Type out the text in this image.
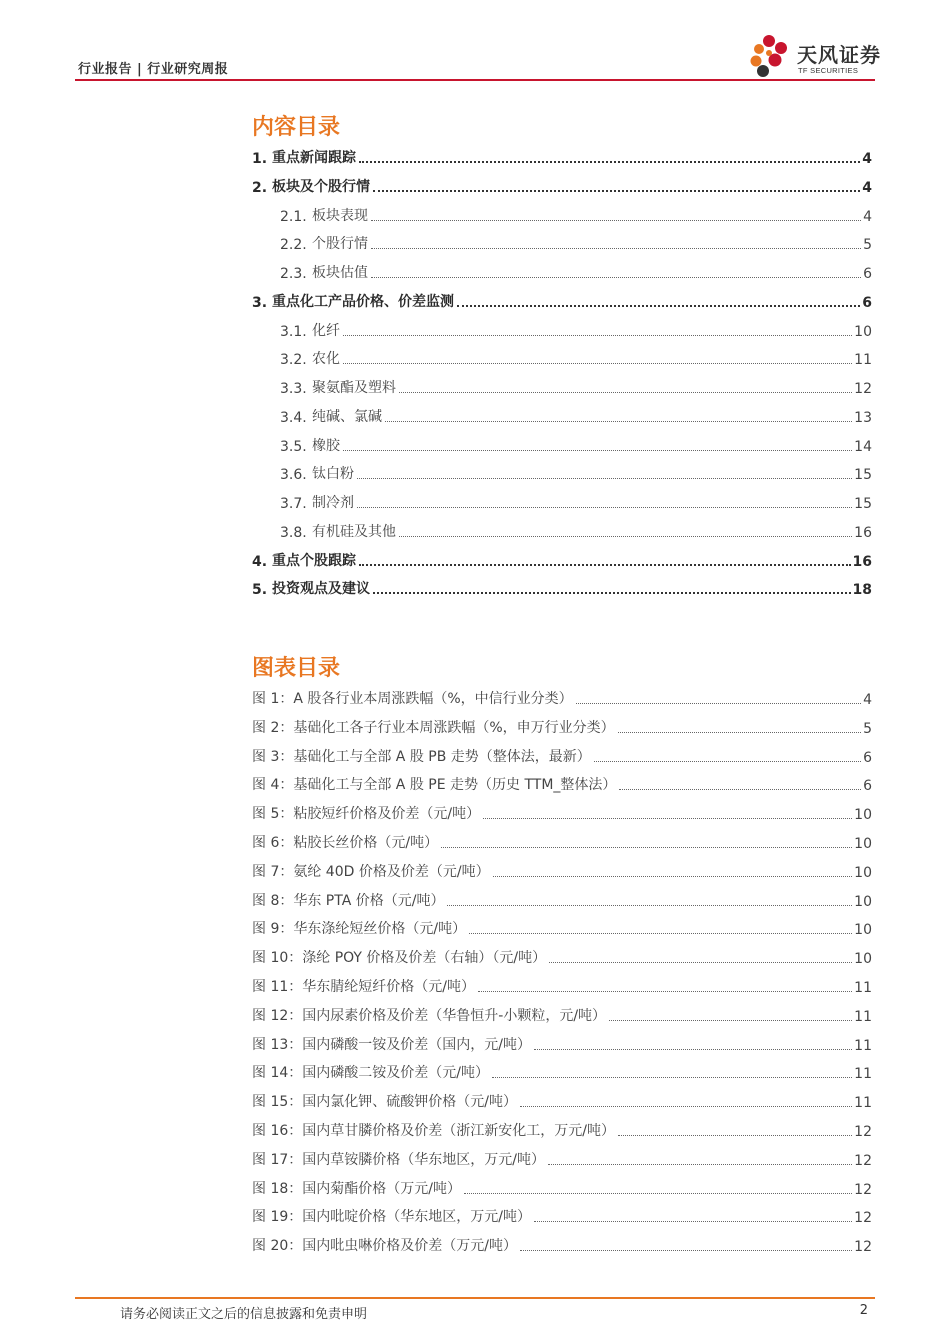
行业报告 | 行业研究周报
天风证券
TF SECURITIES
内容目录
1. 重点新闻跟踪	4
2. 板块及个股行情	4
2.1. 板块表现	4
2.2. 个股行情	5
2.3. 板块估值	6
3. 重点化工产品价格、价差监测	6
3.1. 化纤	10
3.2. 农化	11
3.3. 聚氨酯及塑料	12
3.4. 纯碱、氯碱	13
3.5. 橡胶	14
3.6. 钛白粉	15
3.7. 制冷剂	15
3.8. 有机硅及其他	16
4. 重点个股跟踪	16
5. 投资观点及建议	18
图表目录
图 1：A 股各行业本周涨跌幅（%，中信行业分类）	4
图 2：基础化工各子行业本周涨跌幅（%，申万行业分类）	5
图 3：基础化工与全部 A 股 PB 走势（整体法，最新）	6
图 4：基础化工与全部 A 股 PE 走势（历史 TTM_整体法）	6
图 5：粘胶短纤价格及价差（元/吨）	10
图 6：粘胶长丝价格（元/吨）	10
图 7：氨纶 40D 价格及价差（元/吨）	10
图 8：华东 PTA 价格（元/吨）	10
图 9：华东涤纶短丝价格（元/吨）	10
图 10：涤纶 POY 价格及价差（右轴）（元/吨）	10
图 11：华东腈纶短纤价格（元/吨）	11
图 12：国内尿素价格及价差（华鲁恒升-小颗粒，元/吨）	11
图 13：国内磷酸一铵及价差（国内，元/吨）	11
图 14：国内磷酸二铵及价差（元/吨）	11
图 15：国内氯化钾、硫酸钾价格（元/吨）	11
图 16：国内草甘膦价格及价差（浙江新安化工，万元/吨）	12
图 17：国内草铵膦价格（华东地区，万元/吨）	12
图 18：国内菊酯价格（万元/吨）	12
图 19：国内吡啶价格（华东地区，万元/吨）	12
图 20：国内吡虫啉价格及价差（万元/吨）	12
请务必阅读正文之后的信息披露和免责申明	2
